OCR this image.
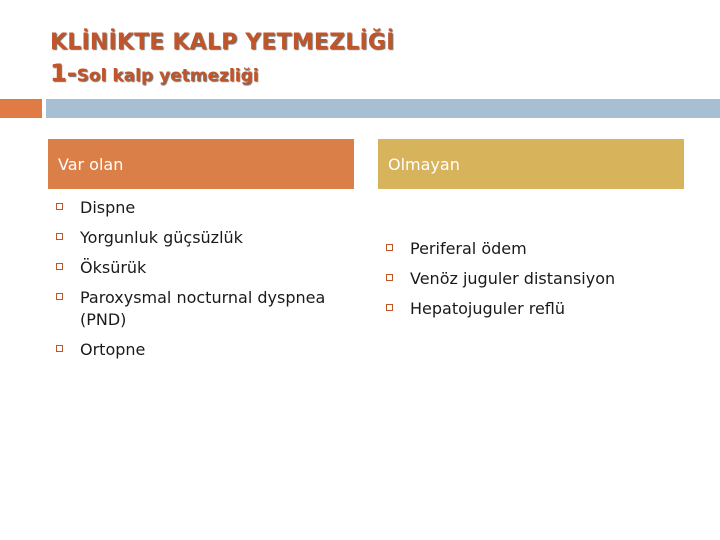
KLİNİKTE KALP YETMEZLİĞİ
1-Sol kalp yetmezliği
Var olan	Olmayan
Dispne
Yorgunluk güçsüzlük
Öksürük
Paroxysmal nocturnal dyspnea (PND)
Ortopne
Periferal ödem
Venöz juguler distansiyon
Hepatojuguler reflü
